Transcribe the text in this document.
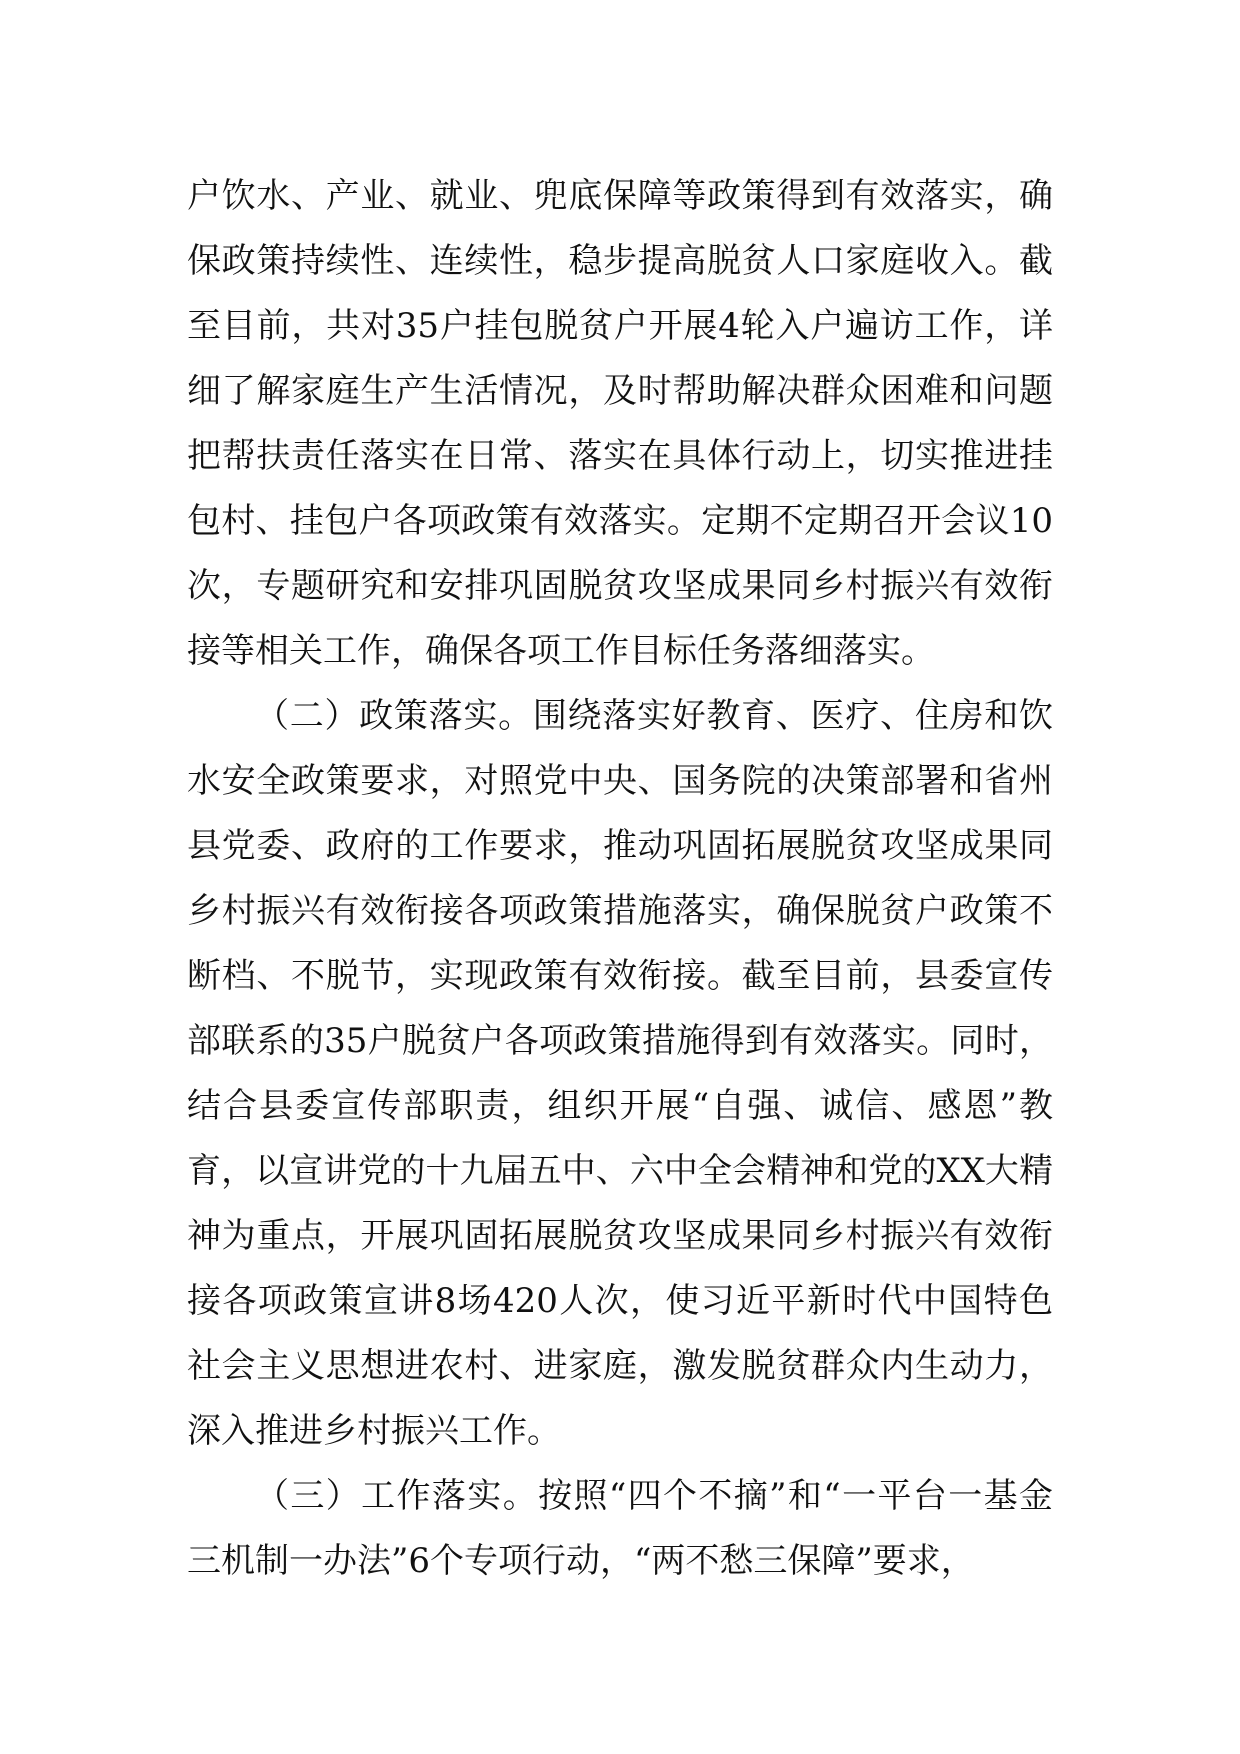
户饮水、产业、就业、兜底保障等政策得到有效落实，确保政策持续性、连续性，稳步提高脱贫人口家庭收入。截至目前，共对35户挂包脱贫户开展4轮入户遍访工作，详细了解家庭生产生活情况，及时帮助解决群众困难和问题把帮扶责任落实在日常、落实在具体行动上，切实推进挂包村、挂包户各项政策有效落实。定期不定期召开会议10次，专题研究和安排巩固脱贫攻坚成果同乡村振兴有效衔接等相关工作，确保各项工作目标任务落细落实。

（二）政策落实。围绕落实好教育、医疗、住房和饮水安全政策要求，对照党中央、国务院的决策部署和省州县党委、政府的工作要求，推动巩固拓展脱贫攻坚成果同乡村振兴有效衔接各项政策措施落实，确保脱贫户政策不断档、不脱节，实现政策有效衔接。截至目前，县委宣传部联系的35户脱贫户各项政策措施得到有效落实。同时，结合县委宣传部职责，组织开展“自强、诚信、感恩”教育，以宣讲党的十九届五中、六中全会精神和党的XX大精神为重点，开展巩固拓展脱贫攻坚成果同乡村振兴有效衔接各项政策宣讲8场420人次，使习近平新时代中国特色社会主义思想进农村、进家庭，激发脱贫群众内生动力，深入推进乡村振兴工作。

（三）工作落实。按照“四个不摘”和“一平台一基金三机制一办法”6个专项行动，“两不愁三保障”要求，
